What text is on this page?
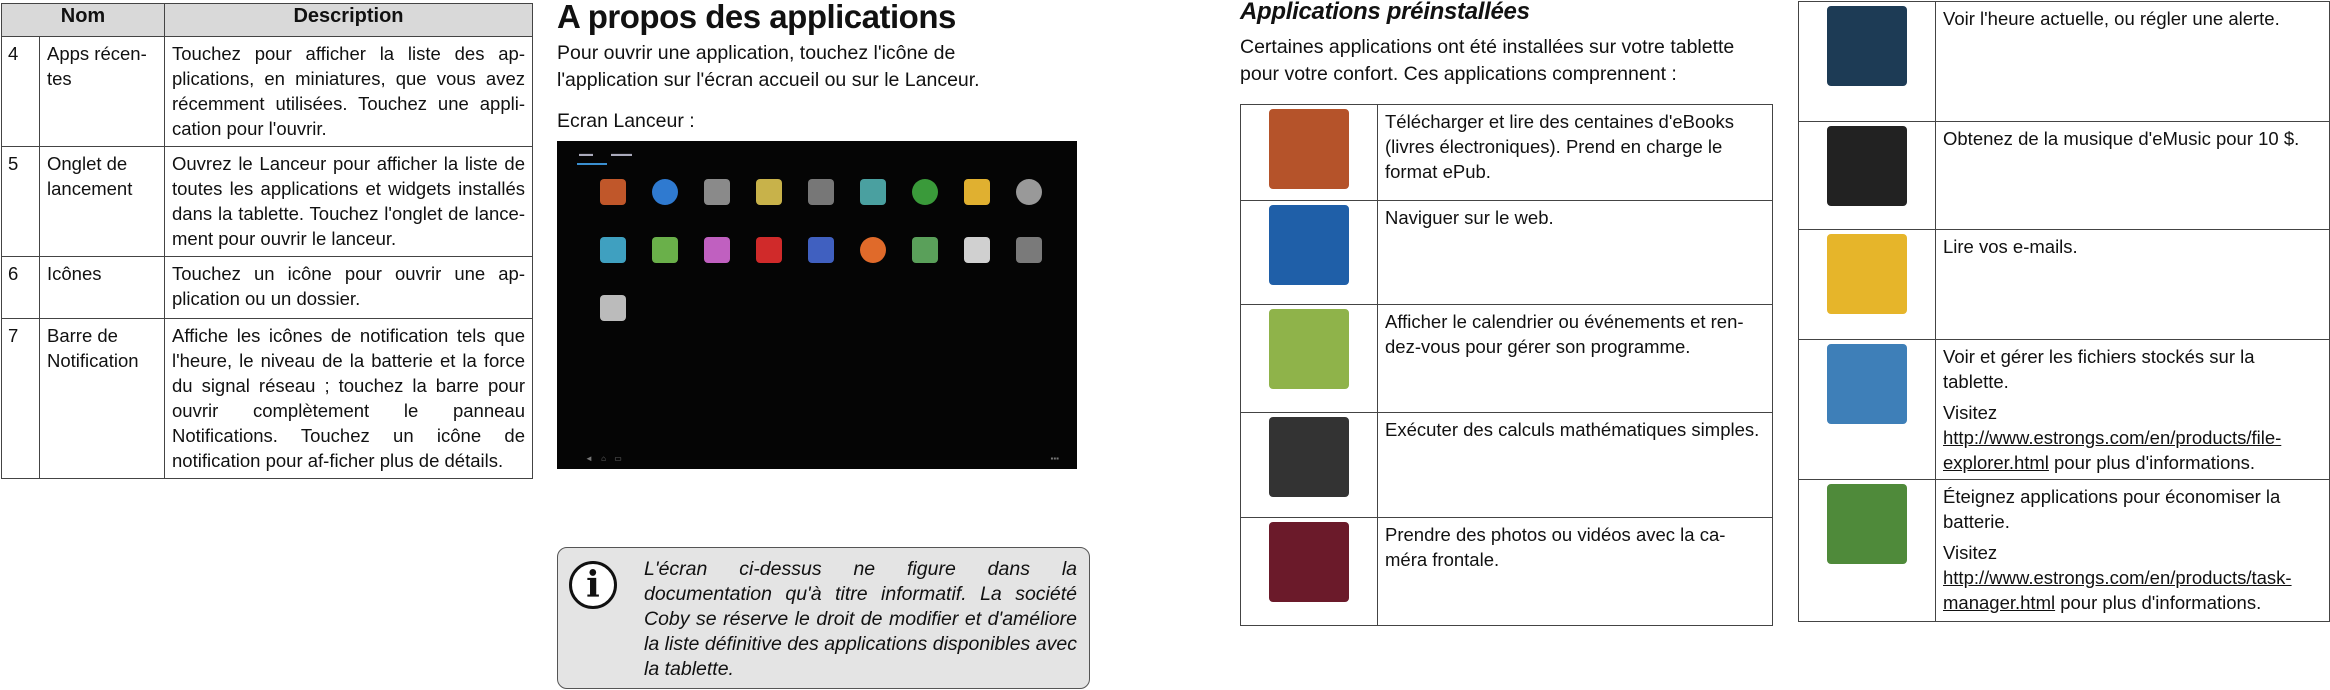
Nom		Description
4	Apps récen-tes	Touchez pour afficher la liste des ap-plications, en miniatures, que vous avez récemment utilisées. Touchez une appli-cation pour l'ouvrir.
5	Onglet de lancement	Ouvrez le Lanceur pour afficher la liste de toutes les applications et widgets installés dans la tablette. Touchez l'onglet de lance-ment pour ouvrir le lanceur.
6	Icônes	Touchez un icône pour ouvrir une ap-plication ou un dossier.
7	Barre de Notification	Affiche les icônes de notification tels que l'heure, le niveau de la batterie et la force du signal réseau ; touchez la barre pour ouvrir complètement le panneau Notifications. Touchez un icône de notification pour af-ficher plus de détails.
A propos des applications
Pour ouvrir une application, touchez l'icône de l'application sur l'écran accueil ou sur le Lanceur.
Ecran Lanceur :
▬▬	▬▬▬
◄ ⌂ ▭	▪▪▪
i	L'écran ci-dessus ne figure dans la documentation qu'à titre informatif. La société Coby se réserve le droit de modifier et d'améliore la liste définitive des applications disponibles avec la tablette.
Applications préinstallées
Certaines applications ont été installées sur votre tablette pour votre confort. Ces applications comprennent :

	Télécharger et lire des centaines d'eBooks (livres électroniques). Prend en charge le format ePub.

	Naviguer sur le web.

	Afficher le calendrier ou événements et ren-dez-vous pour gérer son programme.

	Exécuter des calculs mathématiques simples.

	Prendre des photos ou vidéos avec la ca-méra frontale.

	Voir l'heure actuelle, ou régler une alerte.

	Obtenez de la musique d'eMusic pour 10 $.

	Lire vos e-mails.

	Voir et gérer les fichiers stockés sur la tablette.

Visitez http://www.estrongs.com/en/products/file-explorer.html pour plus d'informations.

	Éteignez applications pour économiser la batterie.

Visitez http://www.estrongs.com/en/products/task-manager.html pour plus d'informations.
